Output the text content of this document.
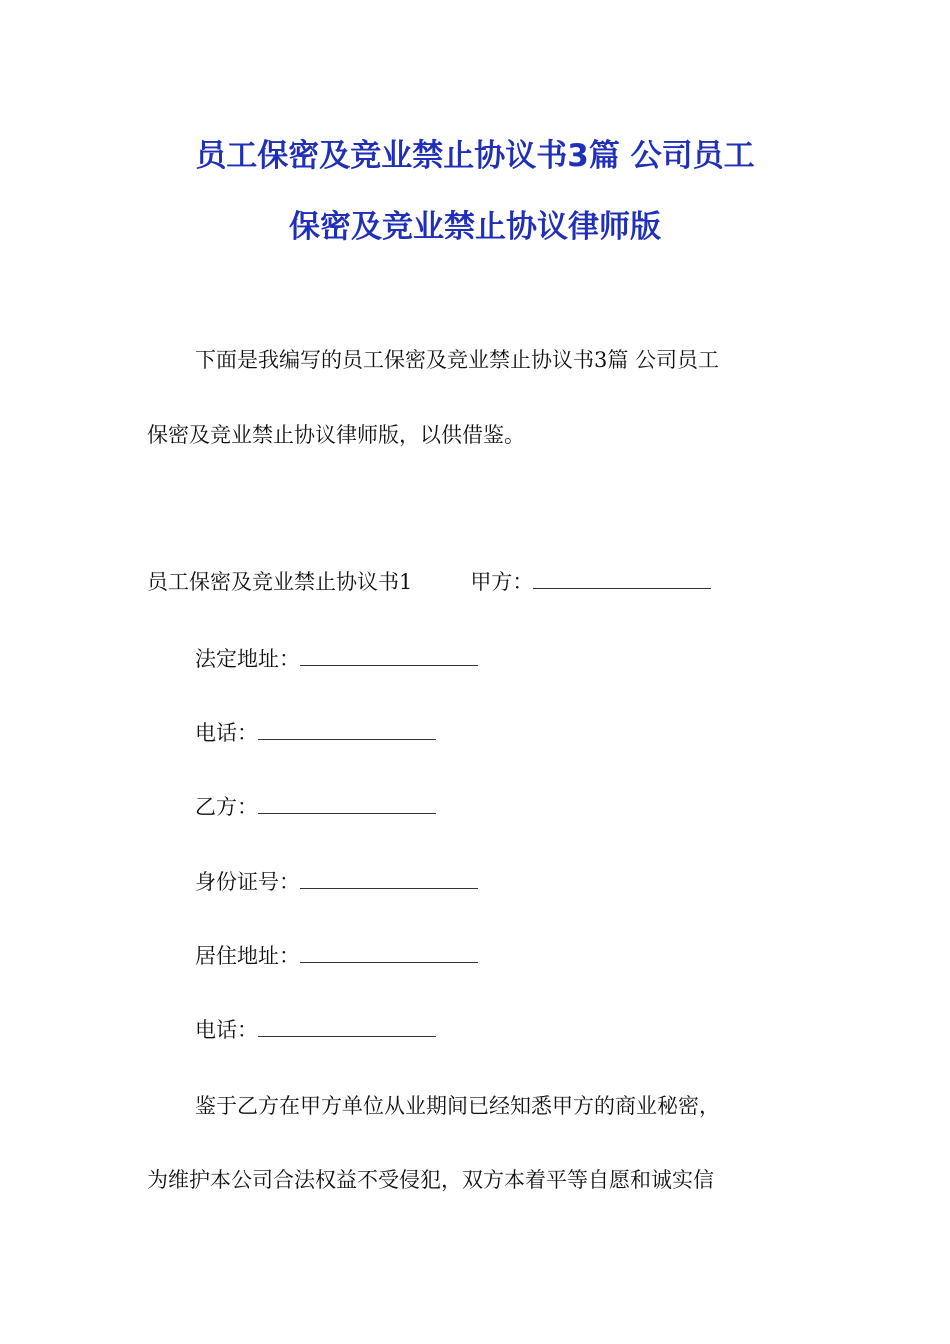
员工保密及竞业禁止协议书3篇 公司员工
保密及竞业禁止协议律师版

下面是我编写的员工保密及竞业禁止协议书3篇 公司员工

保密及竞业禁止协议律师版，以供借鉴。

员工保密及竞业禁止协议书1	甲方：

法定地址：

电话：

乙方：

身份证号：

居住地址：

电话：

鉴于乙方在甲方单位从业期间已经知悉甲方的商业秘密，

为维护本公司合法权益不受侵犯，双方本着平等自愿和诚实信
